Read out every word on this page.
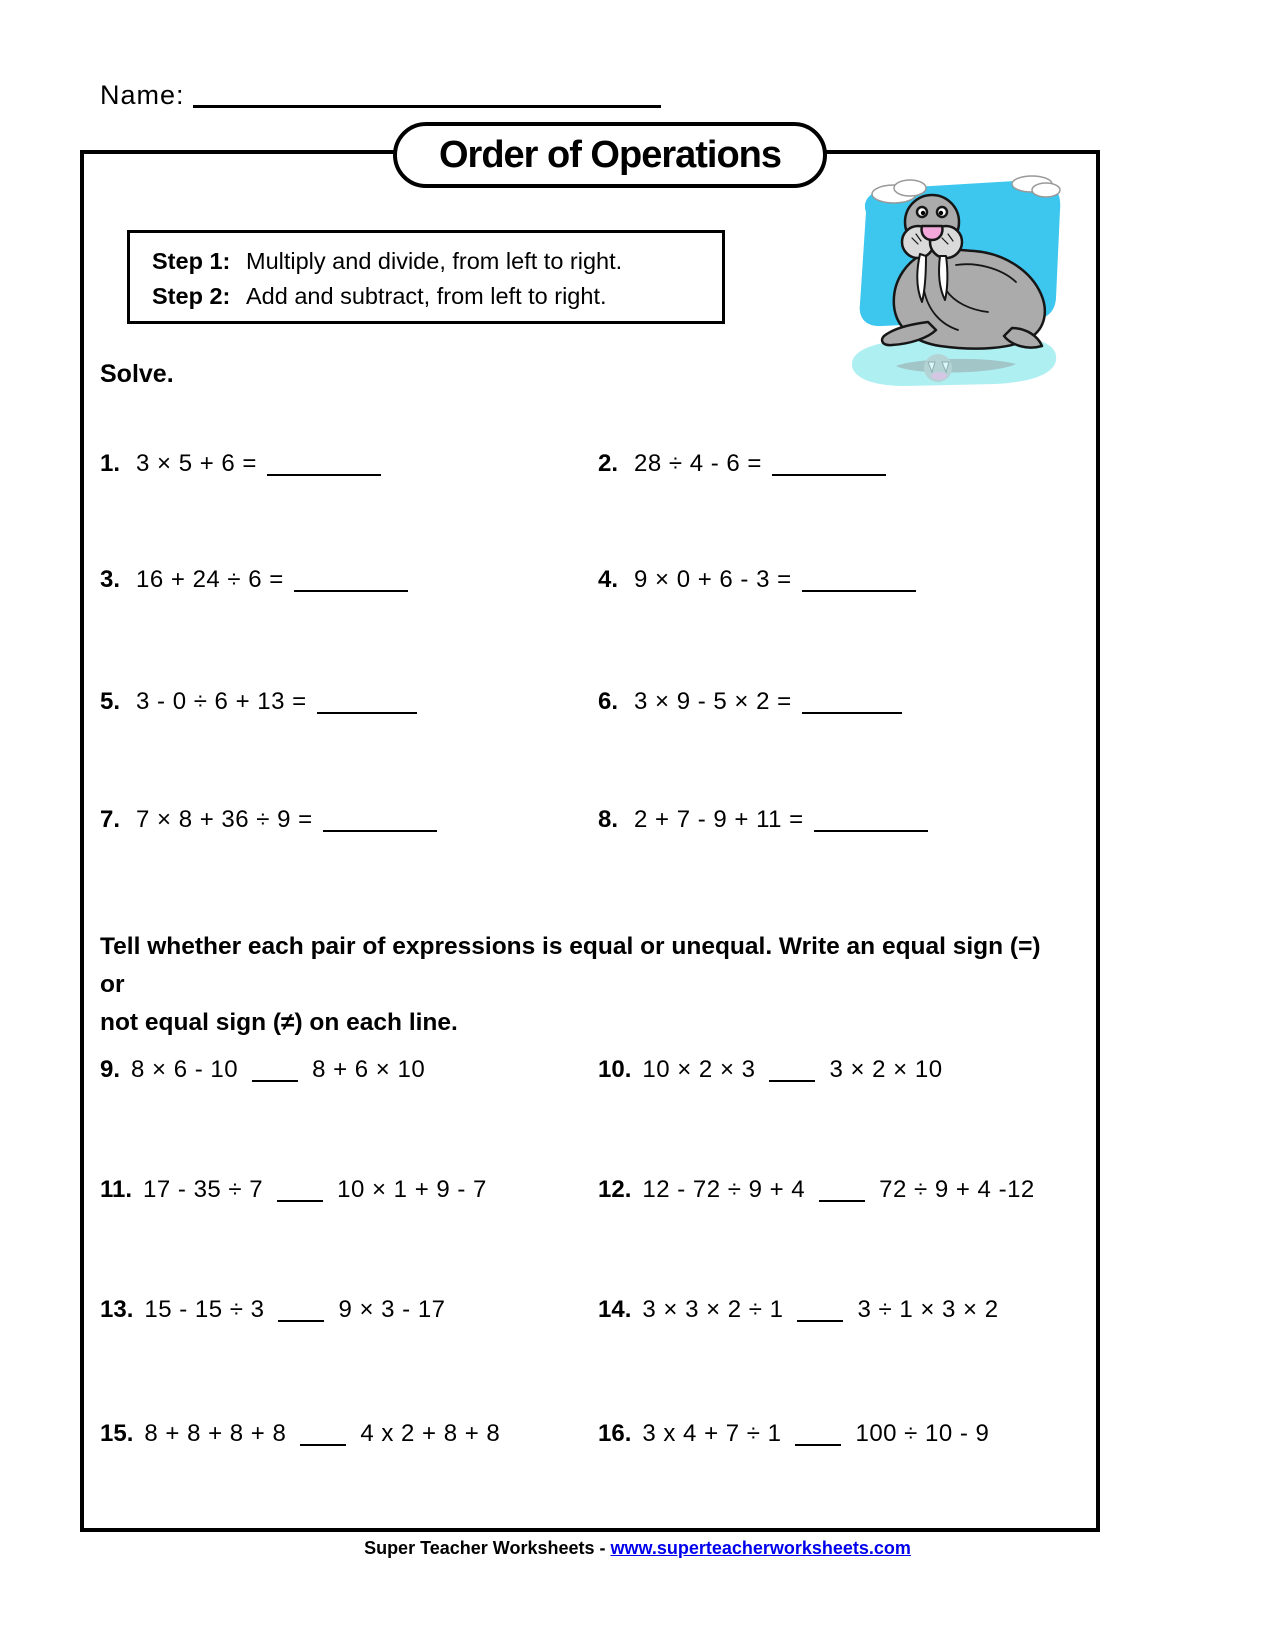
Name:
Order of Operations
Step 1: Multiply and divide, from left to right.
Step 2: Add and subtract, from left to right.
Solve.
1. 3 × 5 + 6 =	2. 28 ÷ 4 - 6 =
3. 16 + 24 ÷ 6 =	4. 9 × 0 + 6 - 3 =
5. 3 - 0 ÷ 6 + 13 =	6. 3 × 9 - 5 × 2 =
7. 7 × 8 + 36 ÷ 9 =	8. 2 + 7 - 9 + 11 =
Tell whether each pair of expressions is equal or unequal. Write an equal sign (=) or
not equal sign (≠) on each line.
9. 8 × 6 - 10	8 + 6 × 10	10. 10 × 2 × 3	3 × 2 × 10
11. 17 - 35 ÷ 7	10 × 1 + 9 - 7	12. 12 - 72 ÷ 9 + 4	72 ÷ 9 + 4 -12
13. 15 - 15 ÷ 3	9 × 3 - 17	14. 3 × 3 × 2 ÷ 1	3 ÷ 1 × 3 × 2
15. 8 + 8 + 8 + 8	4 x 2 + 8 + 8	16. 3 x 4 + 7 ÷ 1	100 ÷ 10 - 9
Super Teacher Worksheets - www.superteacherworksheets.com
